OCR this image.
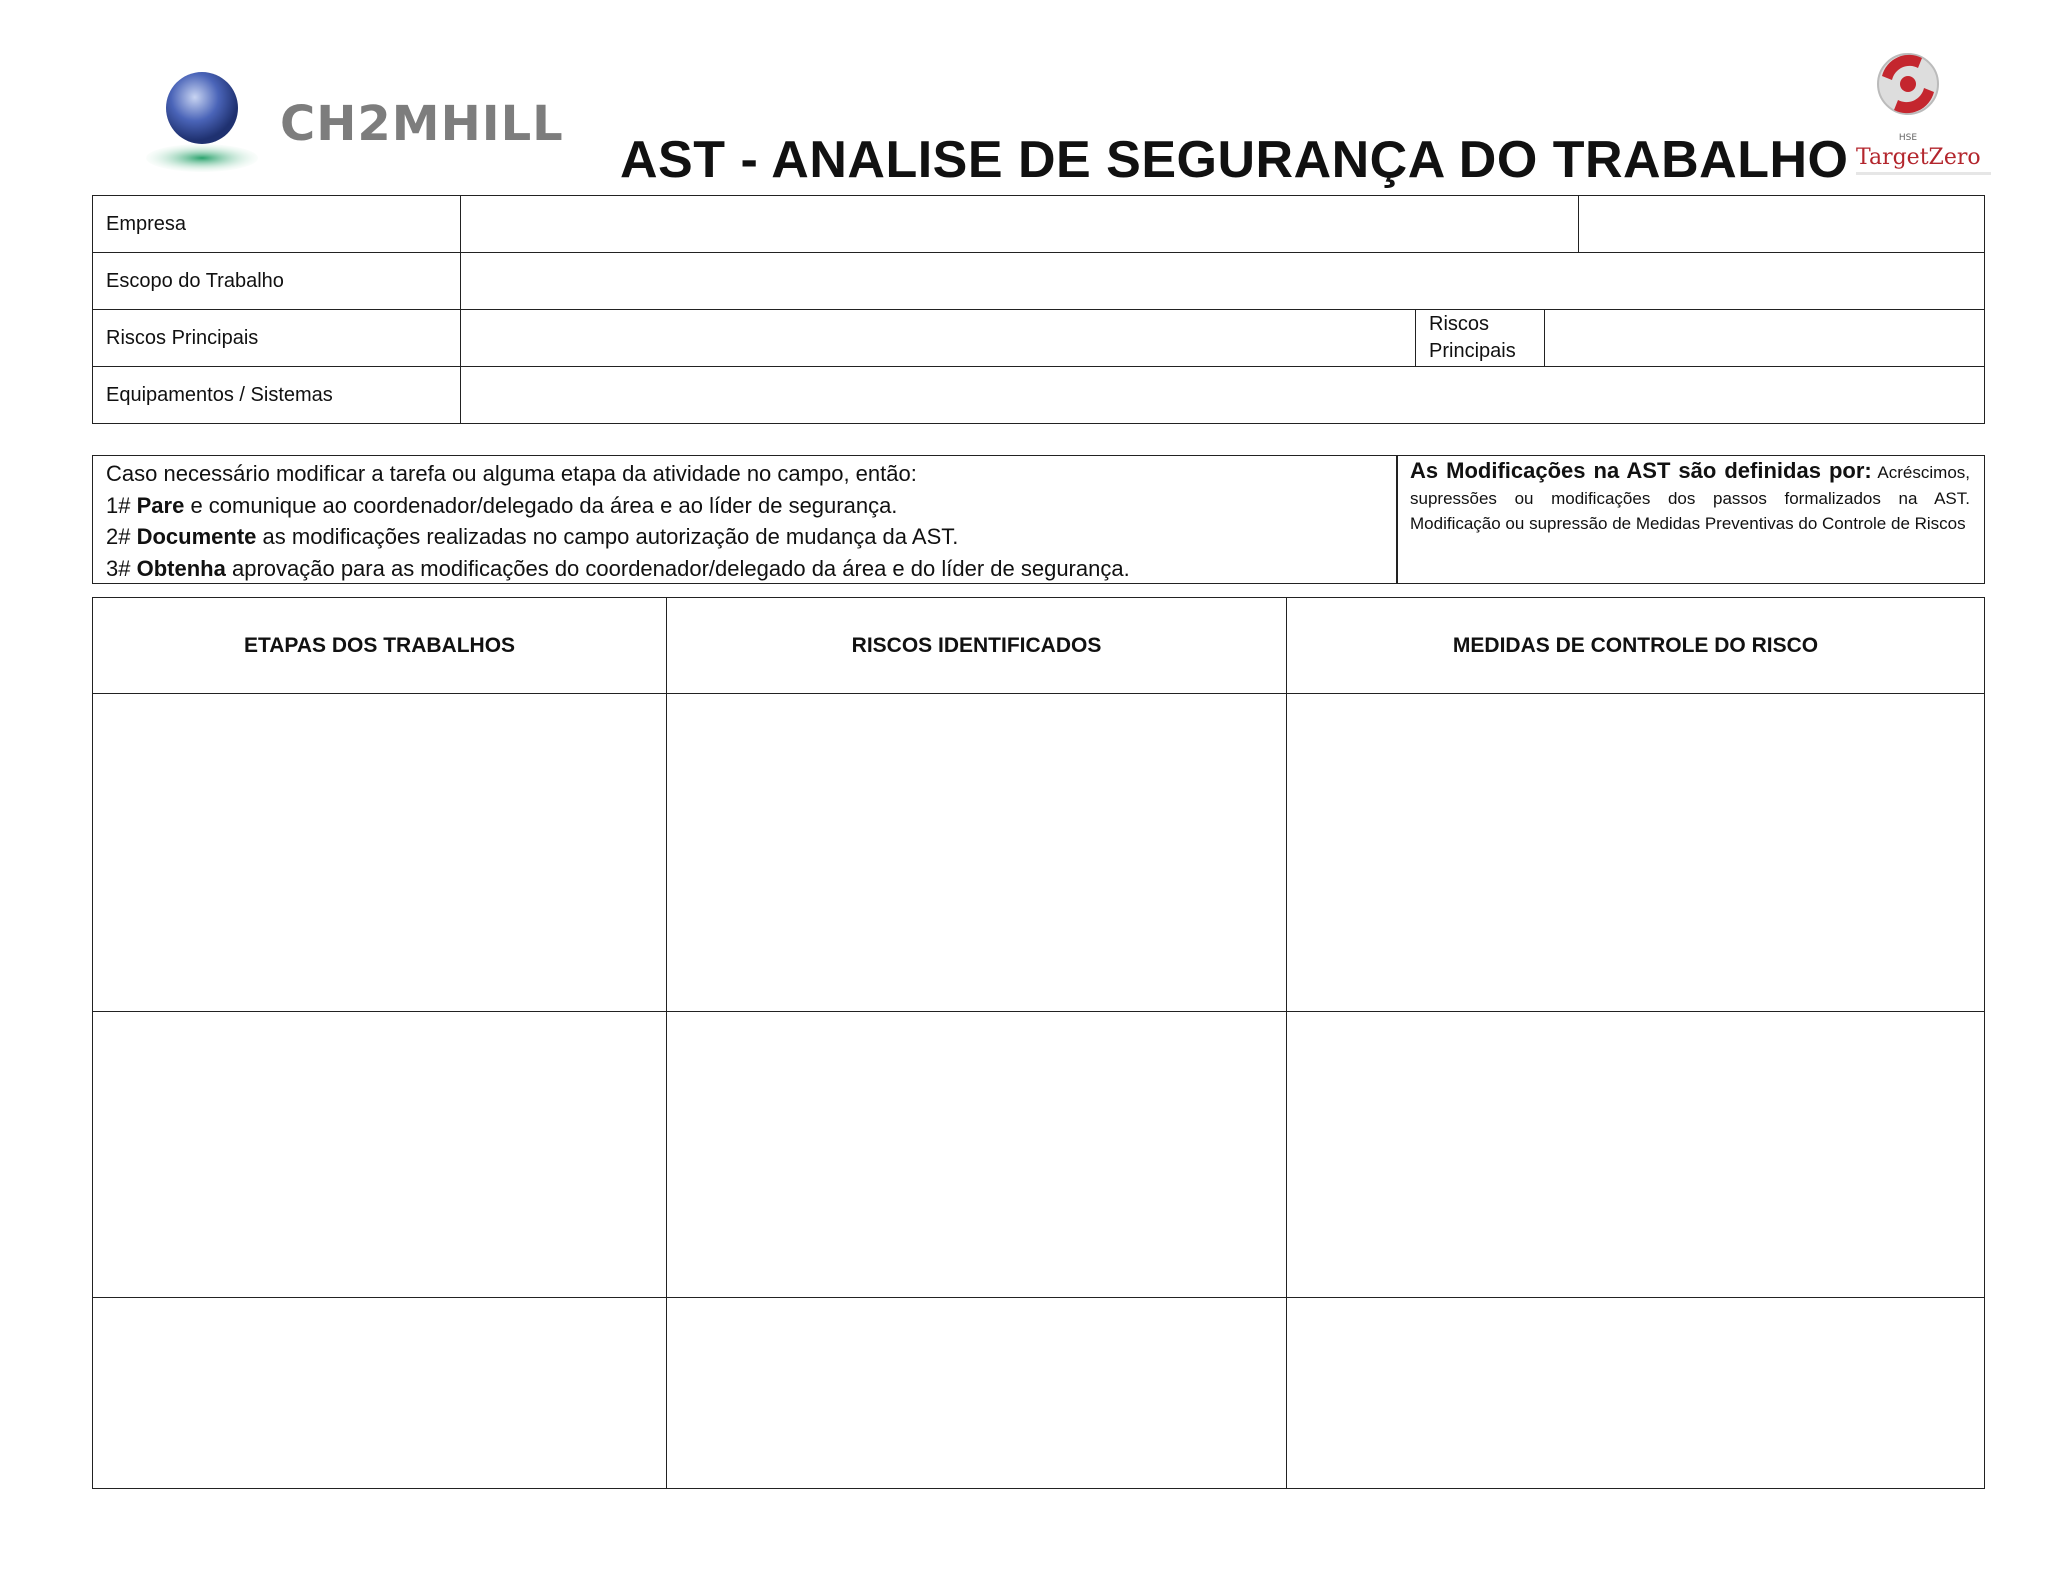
CH2MHILL	HSE
TargetZero
AST - ANALISE DE SEGURANÇA DO TRABALHO
Empresa
Escopo do Trabalho
Riscos Principais
Riscos Principais
Equipamentos / Sistemas
Caso necessário modificar a tarefa ou alguma etapa da atividade no campo, então:
1# Pare e comunique ao coordenador/delegado da área e ao líder de segurança.
2# Documente as modificações realizadas no campo autorização de mudança da AST.
3# Obtenha aprovação para as modificações do coordenador/delegado da área e do líder de segurança.
As Modificações na AST são definidas por: Acréscimos, supressões ou modificações dos passos formalizados na AST. Modificação ou supressão de Medidas Preventivas do Controle de Riscos
ETAPAS DOS TRABALHOS	RISCOS IDENTIFICADOS	MEDIDAS DE CONTROLE DO RISCO
